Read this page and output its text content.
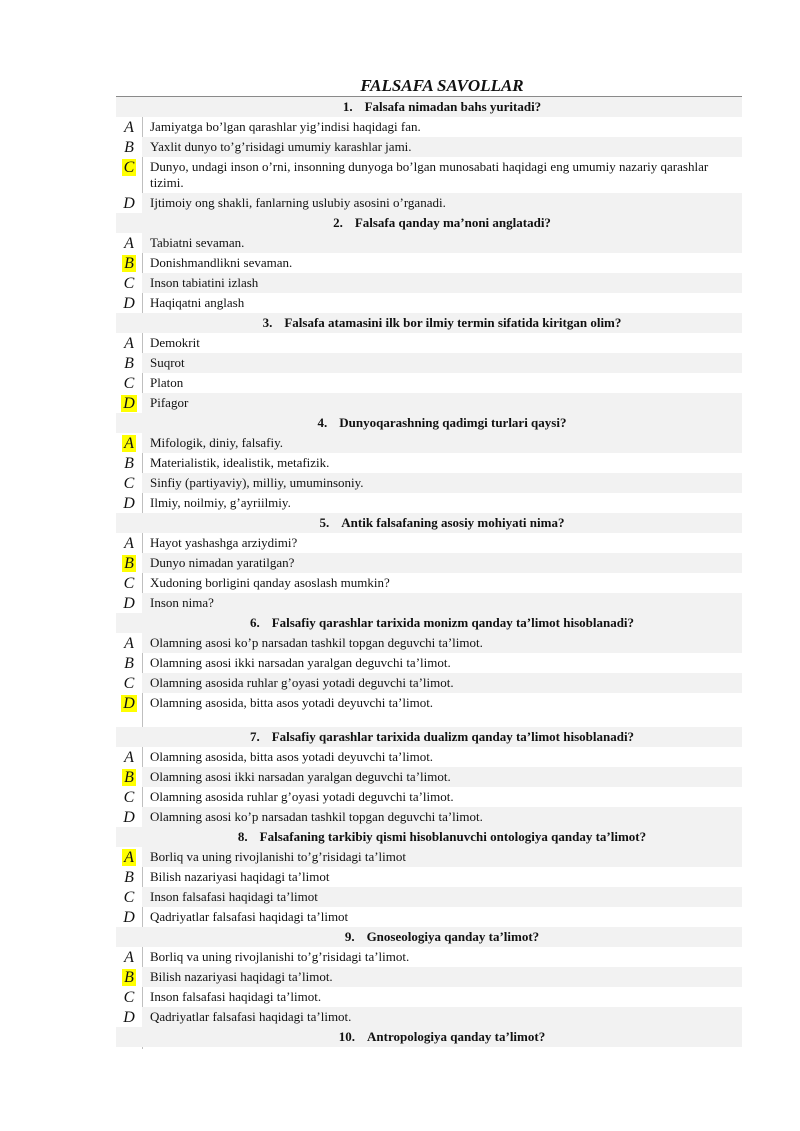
FALSAFA SAVOLLAR
1. Falsafa nimadan bahs yuritadi?
A	Jamiyatga bo’lgan qarashlar yig’indisi haqidagi fan.
B	Yaxlit dunyo to’g’risidagi umumiy karashlar jami.
C	Dunyo, undagi inson o’rni, insonning dunyoga bo’lgan munosabati haqidagi eng umumiy nazariy qarashlar tizimi.
D	Ijtimoiy ong shakli, fanlarning uslubiy asosini o’rganadi.
2. Falsafa qanday ma’noni anglatadi?
A	Tabiatni sevaman.
B	Donishmandlikni sevaman.
C	Inson tabiatini izlash
D	Haqiqatni anglash
3. Falsafa atamasini ilk bor ilmiy termin sifatida kiritgan olim?
A	Demokrit
B	Suqrot
C	Platon
D	Pifagor
4. Dunyoqarashning qadimgi turlari qaysi?
A	Mifologik, diniy, falsafiy.
B	Materialistik, idealistik, metafizik.
C	Sinfiy (partiyaviy), milliy, umuminsoniy.
D	Ilmiy, noilmiy, g’ayriilmiy.
5. Antik falsafaning asosiy mohiyati nima?
A	Hayot yashashga arziydimi?
B	Dunyo nimadan yaratilgan?
C	Xudoning borligini qanday asoslash mumkin?
D	Inson nima?
6. Falsafiy qarashlar tarixida monizm qanday ta’limot hisoblanadi?
A	Olamning asosi ko’p narsadan tashkil topgan deguvchi ta’limot.
B	Olamning asosi ikki narsadan yaralgan deguvchi ta’limot.
C	Olamning asosida ruhlar g’oyasi yotadi deguvchi ta’limot.
D	Olamning asosida, bitta asos yotadi deyuvchi ta’limot.
7. Falsafiy qarashlar tarixida dualizm qanday ta’limot hisoblanadi?
A	Olamning asosida, bitta asos yotadi deyuvchi ta’limot.
B	Olamning asosi ikki narsadan yaralgan deguvchi ta’limot.
C	Olamning asosida ruhlar g’oyasi yotadi deguvchi ta’limot.
D	Olamning asosi ko’p narsadan tashkil topgan deguvchi ta’limot.
8. Falsafaning tarkibiy qismi hisoblanuvchi ontologiya qanday ta’limot?
A	Borliq va uning rivojlanishi to’g’risidagi ta’limot
B	Bilish nazariyasi haqidagi ta’limot
C	Inson falsafasi haqidagi ta’limot
D	Qadriyatlar falsafasi haqidagi ta’limot
9. Gnoseologiya qanday ta’limot?
A	Borliq va uning rivojlanishi to’g’risidagi ta’limot.
B	Bilish nazariyasi haqidagi ta’limot.
C	Inson falsafasi haqidagi ta’limot.
D	Qadriyatlar falsafasi haqidagi ta’limot.
10. Antropologiya qanday ta’limot?
